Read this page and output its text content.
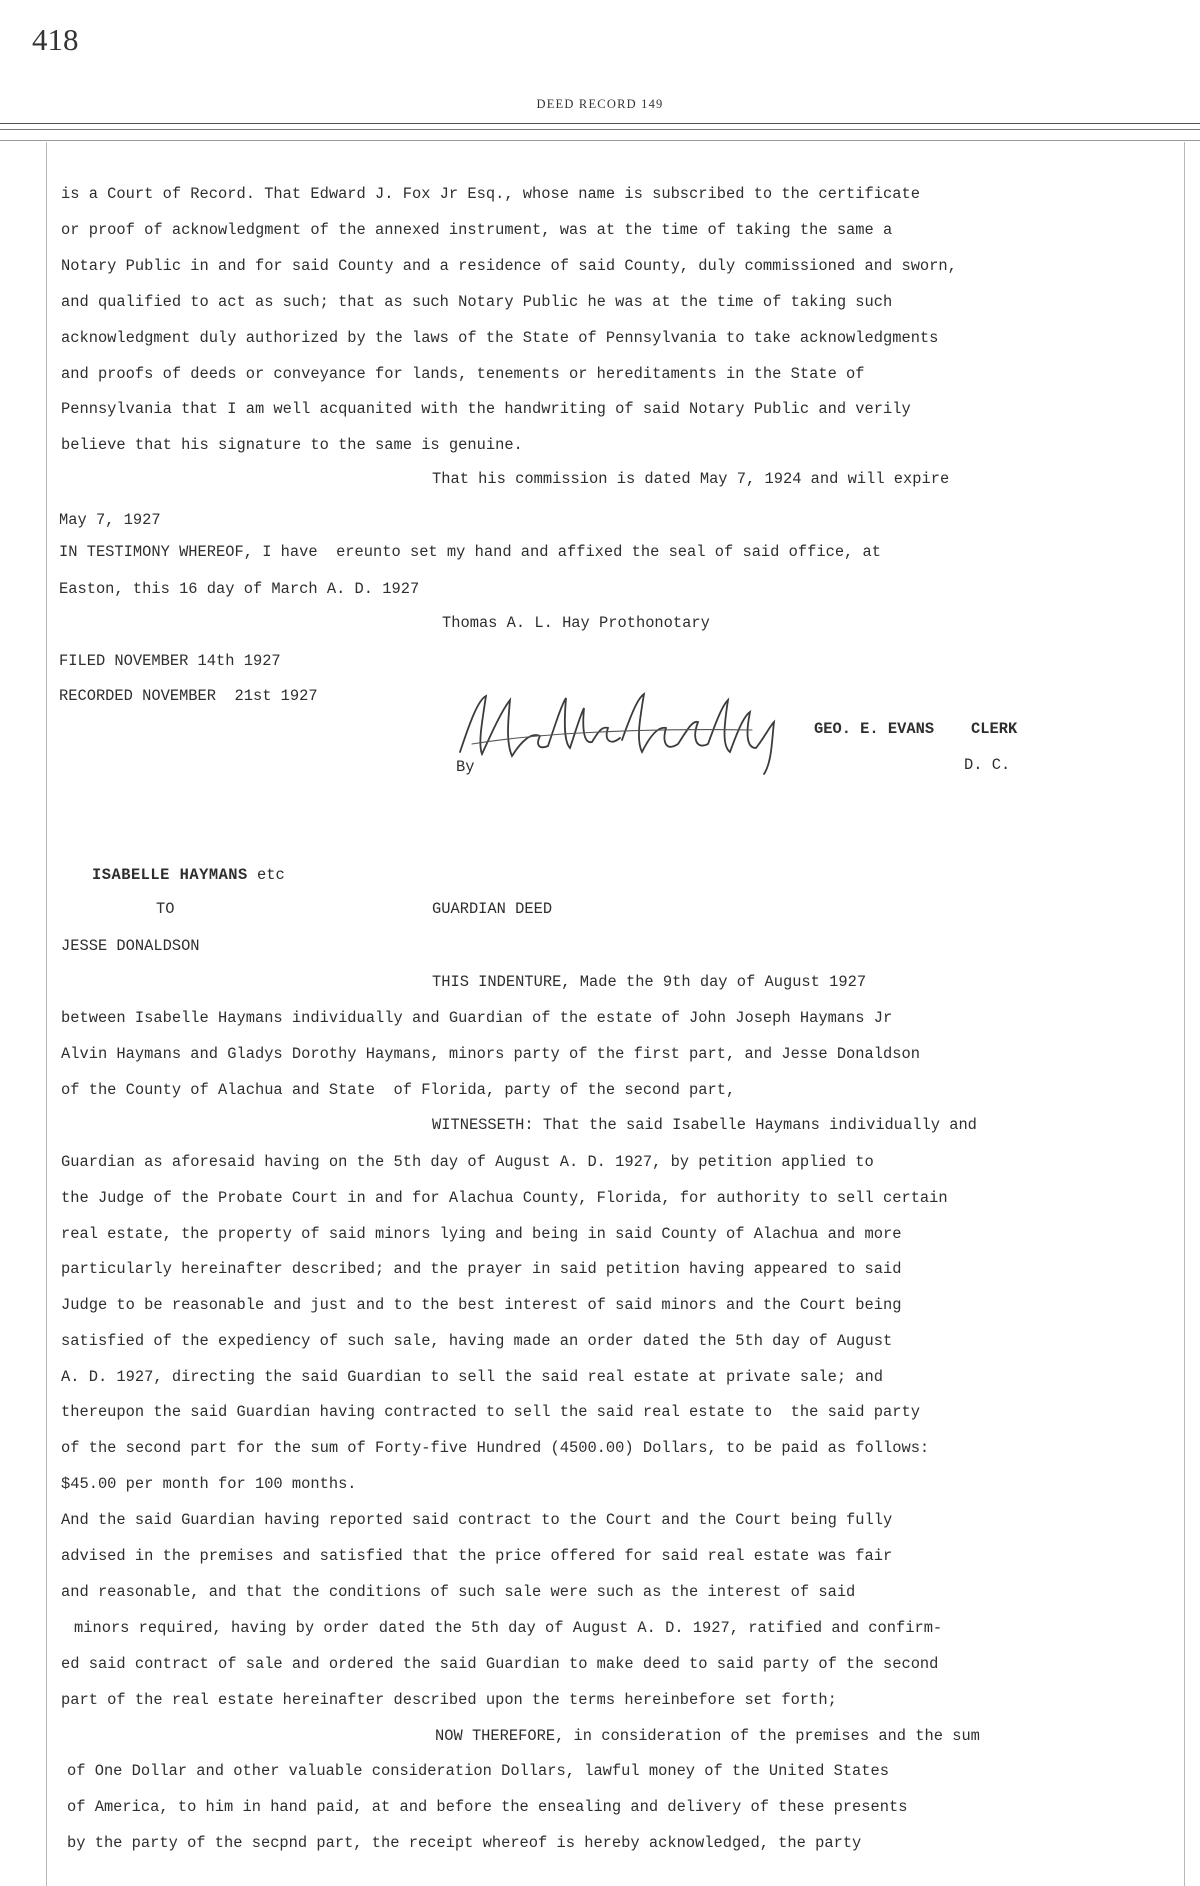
418
DEED RECORD 149
is a Court of Record. That Edward J. Fox Jr Esq., whose name is subscribed to the certificate
or proof of acknowledgment of the annexed instrument, was at the time of taking the same a
Notary Public in and for said County and a residence of said County, duly commissioned and sworn,
and qualified to act as such; that as such Notary Public he was at the time of taking such
acknowledgment duly authorized by the laws of the State of Pennsylvania to take acknowledgments
and proofs of deeds or conveyance for lands, tenements or hereditaments in the State of
Pennsylvania that I am well acquanited with the handwriting of said Notary Public and verily
believe that his signature to the same is genuine.
That his commission is dated May 7, 1924 and will expire
May 7, 1927
IN TESTIMONY WHEREOF, I have  ereunto set my hand and affixed the seal of said office, at
Easton, this 16 day of March A. D. 1927
Thomas A. L. Hay Prothonotary
FILED NOVEMBER 14th 1927
RECORDED NOVEMBER  21st 1927
GEO. E. EVANS    CLERK
By	D. C.
ISABELLE HAYMANS etc
TO	GUARDIAN DEED
JESSE DONALDSON
THIS INDENTURE, Made the 9th day of August 1927
between Isabelle Haymans individually and Guardian of the estate of John Joseph Haymans Jr
Alvin Haymans and Gladys Dorothy Haymans, minors party of the first part, and Jesse Donaldson
of the County of Alachua and State  of Florida, party of the second part,
WITNESSETH: That the said Isabelle Haymans individually and
Guardian as aforesaid having on the 5th day of August A. D. 1927, by petition applied to
the Judge of the Probate Court in and for Alachua County, Florida, for authority to sell certain
real estate, the property of said minors lying and being in said County of Alachua and more
particularly hereinafter described; and the prayer in said petition having appeared to said
Judge to be reasonable and just and to the best interest of said minors and the Court being
satisfied of the expediency of such sale, having made an order dated the 5th day of August
A. D. 1927, directing the said Guardian to sell the said real estate at private sale; and
thereupon the said Guardian having contracted to sell the said real estate to  the said party
of the second part for the sum of Forty-five Hundred (4500.00) Dollars, to be paid as follows:
$45.00 per month for 100 months.
And the said Guardian having reported said contract to the Court and the Court being fully
advised in the premises and satisfied that the price offered for said real estate was fair
and reasonable, and that the conditions of such sale were such as the interest of said
minors required, having by order dated the 5th day of August A. D. 1927, ratified and confirm-
ed said contract of sale and ordered the said Guardian to make deed to said party of the second
part of the real estate hereinafter described upon the terms hereinbefore set forth;
NOW THEREFORE, in consideration of the premises and the sum
of One Dollar and other valuable consideration Dollars, lawful money of the United States
of America, to him in hand paid, at and before the ensealing and delivery of these presents
by the party of the secpnd part, the receipt whereof is hereby acknowledged, the party
